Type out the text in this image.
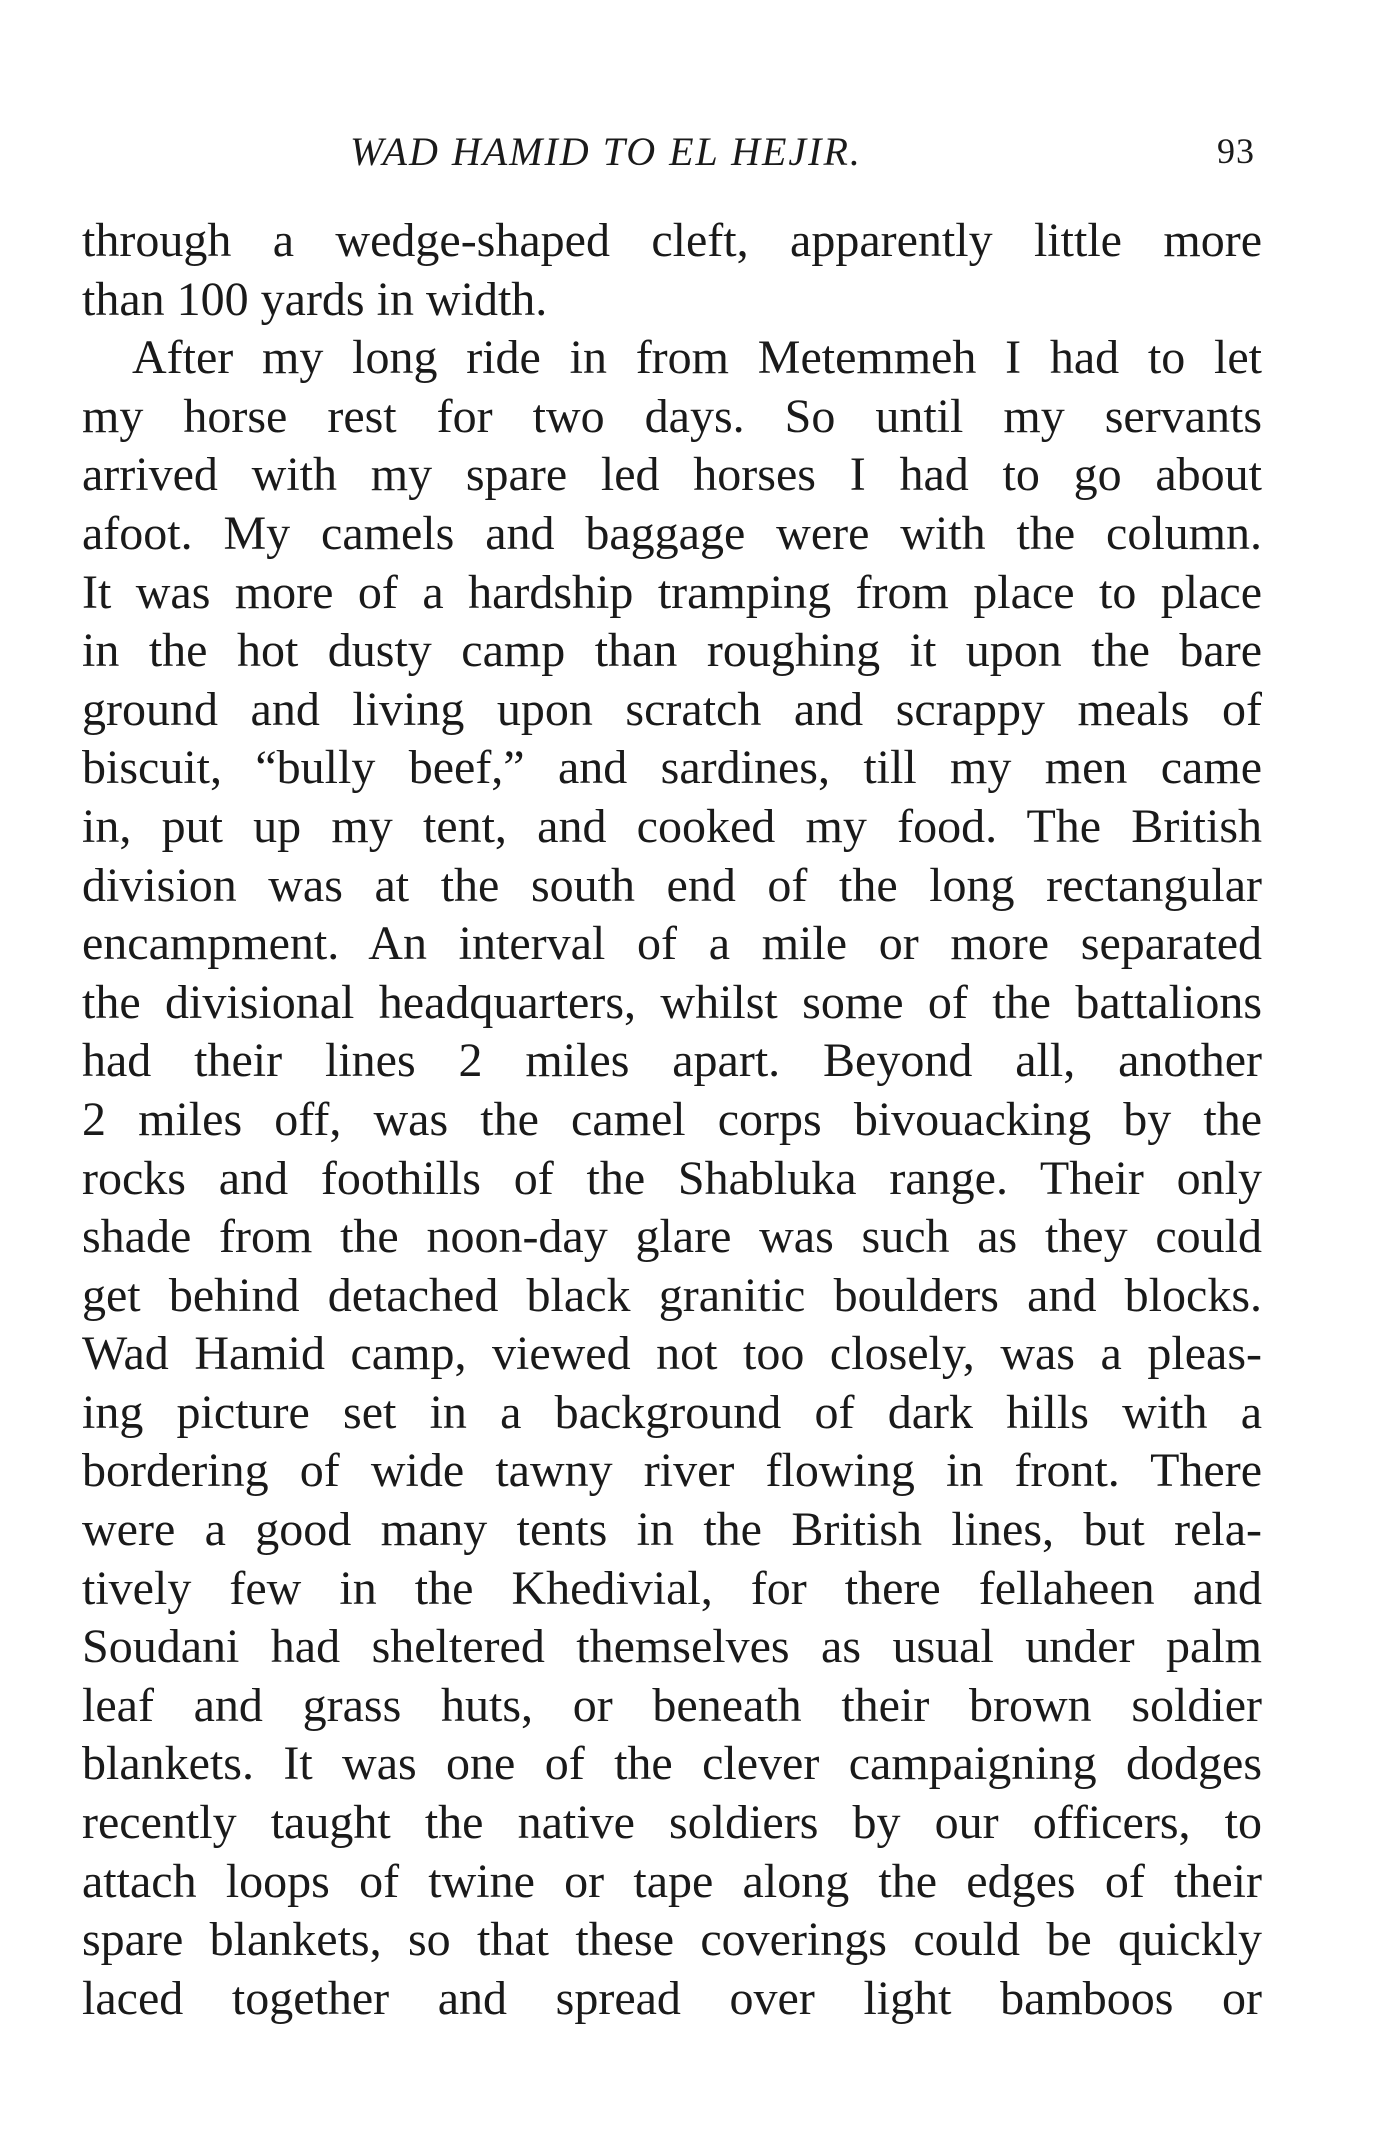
WAD HAMID TO EL HEJIR.	93
through a wedge-shaped cleft, apparently little more
than 100 yards in width.
After my long ride in from Metemmeh I had to let
my horse rest for two days. So until my servants
arrived with my spare led horses I had to go about
afoot. My camels and baggage were with the column.
It was more of a hardship tramping from place to place
in the hot dusty camp than roughing it upon the bare
ground and living upon scratch and scrappy meals of
biscuit, “bully beef,” and sardines, till my men came
in, put up my tent, and cooked my food. The British
division was at the south end of the long rectangular
encampment. An interval of a mile or more separated
the divisional headquarters, whilst some of the battalions
had their lines 2 miles apart. Beyond all, another
2 miles off, was the camel corps bivouacking by the
rocks and foothills of the Shabluka range. Their only
shade from the noon-day glare was such as they could
get behind detached black granitic boulders and blocks.
Wad Hamid camp, viewed not too closely, was a pleas-
ing picture set in a background of dark hills with a
bordering of wide tawny river flowing in front. There
were a good many tents in the British lines, but rela-
tively few in the Khedivial, for there fellaheen and
Soudani had sheltered themselves as usual under palm
leaf and grass huts, or beneath their brown soldier
blankets. It was one of the clever campaigning dodges
recently taught the native soldiers by our officers, to
attach loops of twine or tape along the edges of their
spare blankets, so that these coverings could be quickly
laced together and spread over light bamboos or
